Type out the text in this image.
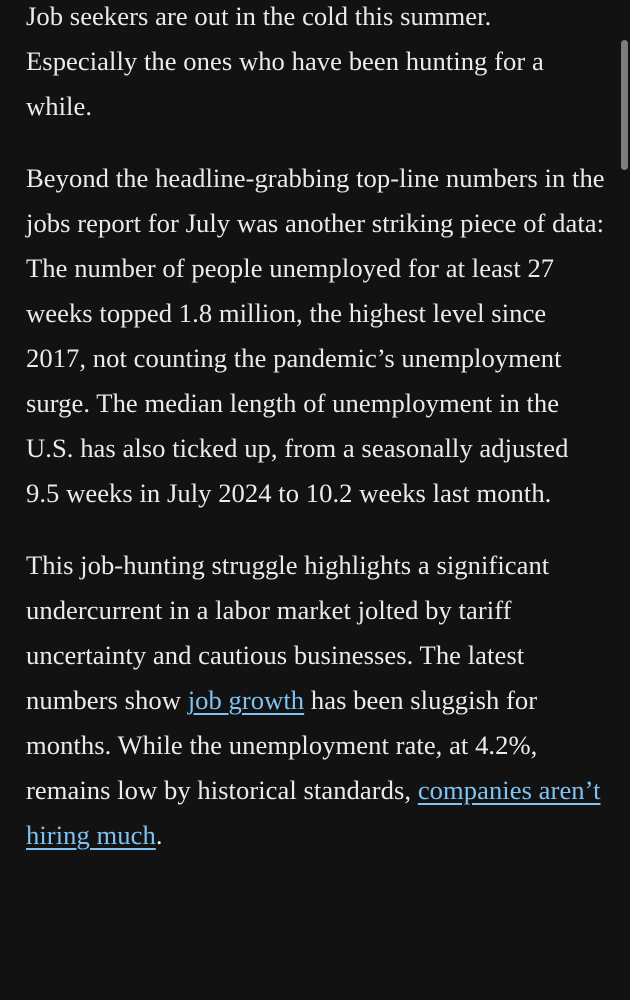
Job seekers are out in the cold this summer. Especially the ones who have been hunting for a while.

Beyond the headline-grabbing top-line numbers in the jobs report for July was another striking piece of data: The number of people unemployed for at least 27 weeks topped 1.8 million, the highest level since 2017, not counting the pandemic’s unemployment surge. The median length of unemployment in the U.S. has also ticked up, from a seasonally adjusted 9.5 weeks in July 2024 to 10.2 weeks last month.

This job-hunting struggle highlights a significant undercurrent in a labor market jolted by tariff uncertainty and cautious businesses. The latest numbers show job growth has been sluggish for months. While the unemployment rate, at 4.2%, remains low by historical standards, companies aren’t hiring much.
